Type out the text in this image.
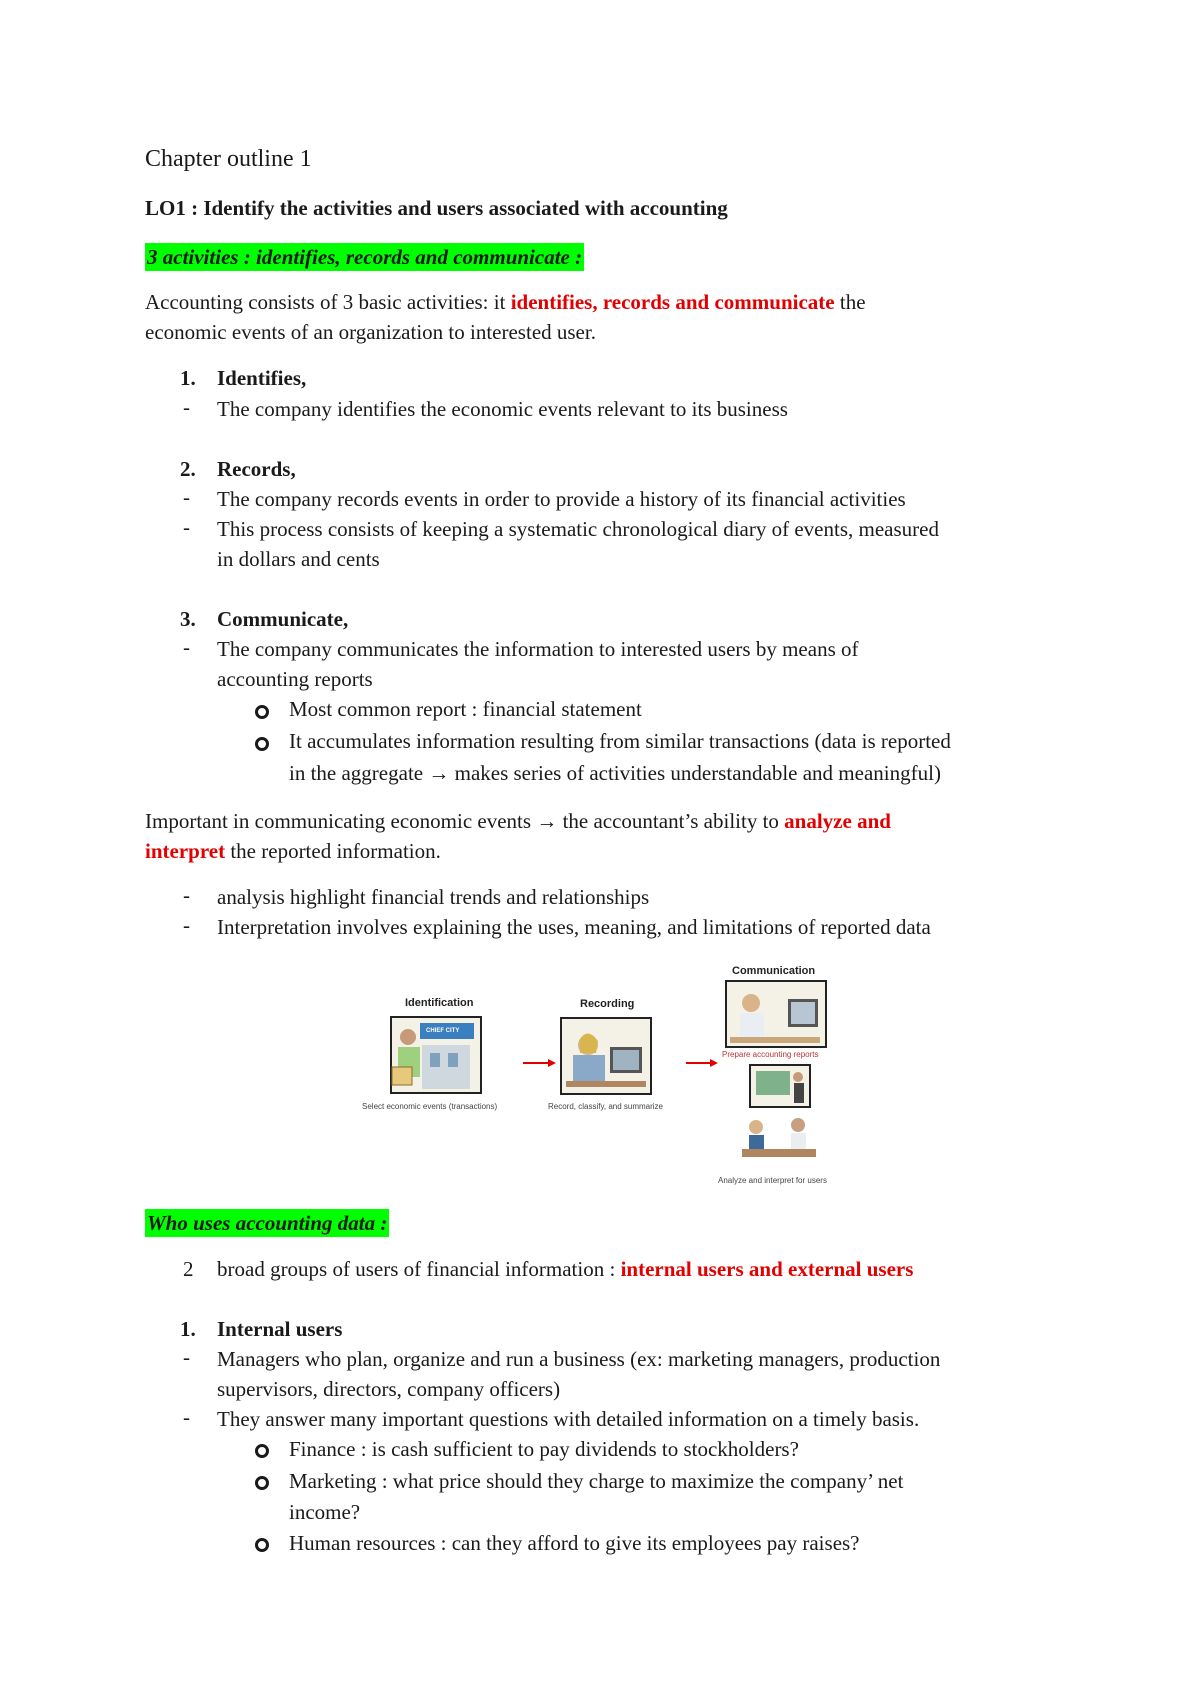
Chapter outline 1
LO1 : Identify the activities and users associated with accounting
3 activities : identifies, records and communicate :
Accounting consists of 3 basic activities: it identifies, records and communicate the
economic events of an organization to interested user.
1. Identifies,
- The company identifies the economic events relevant to its business
2. Records,
- The company records events in order to provide a history of its financial activities
- This process consists of keeping a systematic chronological diary of events, measured
in dollars and cents
3. Communicate,
- The company communicates the information to interested users by means of
accounting reports
Most common report : financial statement
It accumulates information resulting from similar transactions (data is reported
in the aggregate → makes series of activities understandable and meaningful)
Important in communicating economic events → the accountant’s ability to analyze and
interpret the reported information.
- analysis highlight financial trends and relationships
- Interpretation involves explaining the uses, meaning, and limitations of reported data
Identification	Recording
Communication
CHIEF CITY
Select economic events (transactions)	Record, classify, and summarize
Prepare accounting reports
Analyze and interpret for users
Who uses accounting data :
2 broad groups of users of financial information : internal users and external users
1. Internal users
- Managers who plan, organize and run a business (ex: marketing managers, production
supervisors, directors, company officers)
- They answer many important questions with detailed information on a timely basis.
Finance : is cash sufficient to pay dividends to stockholders?
Marketing : what price should they charge to maximize the company’ net
income?
Human resources : can they afford to give its employees pay raises?
